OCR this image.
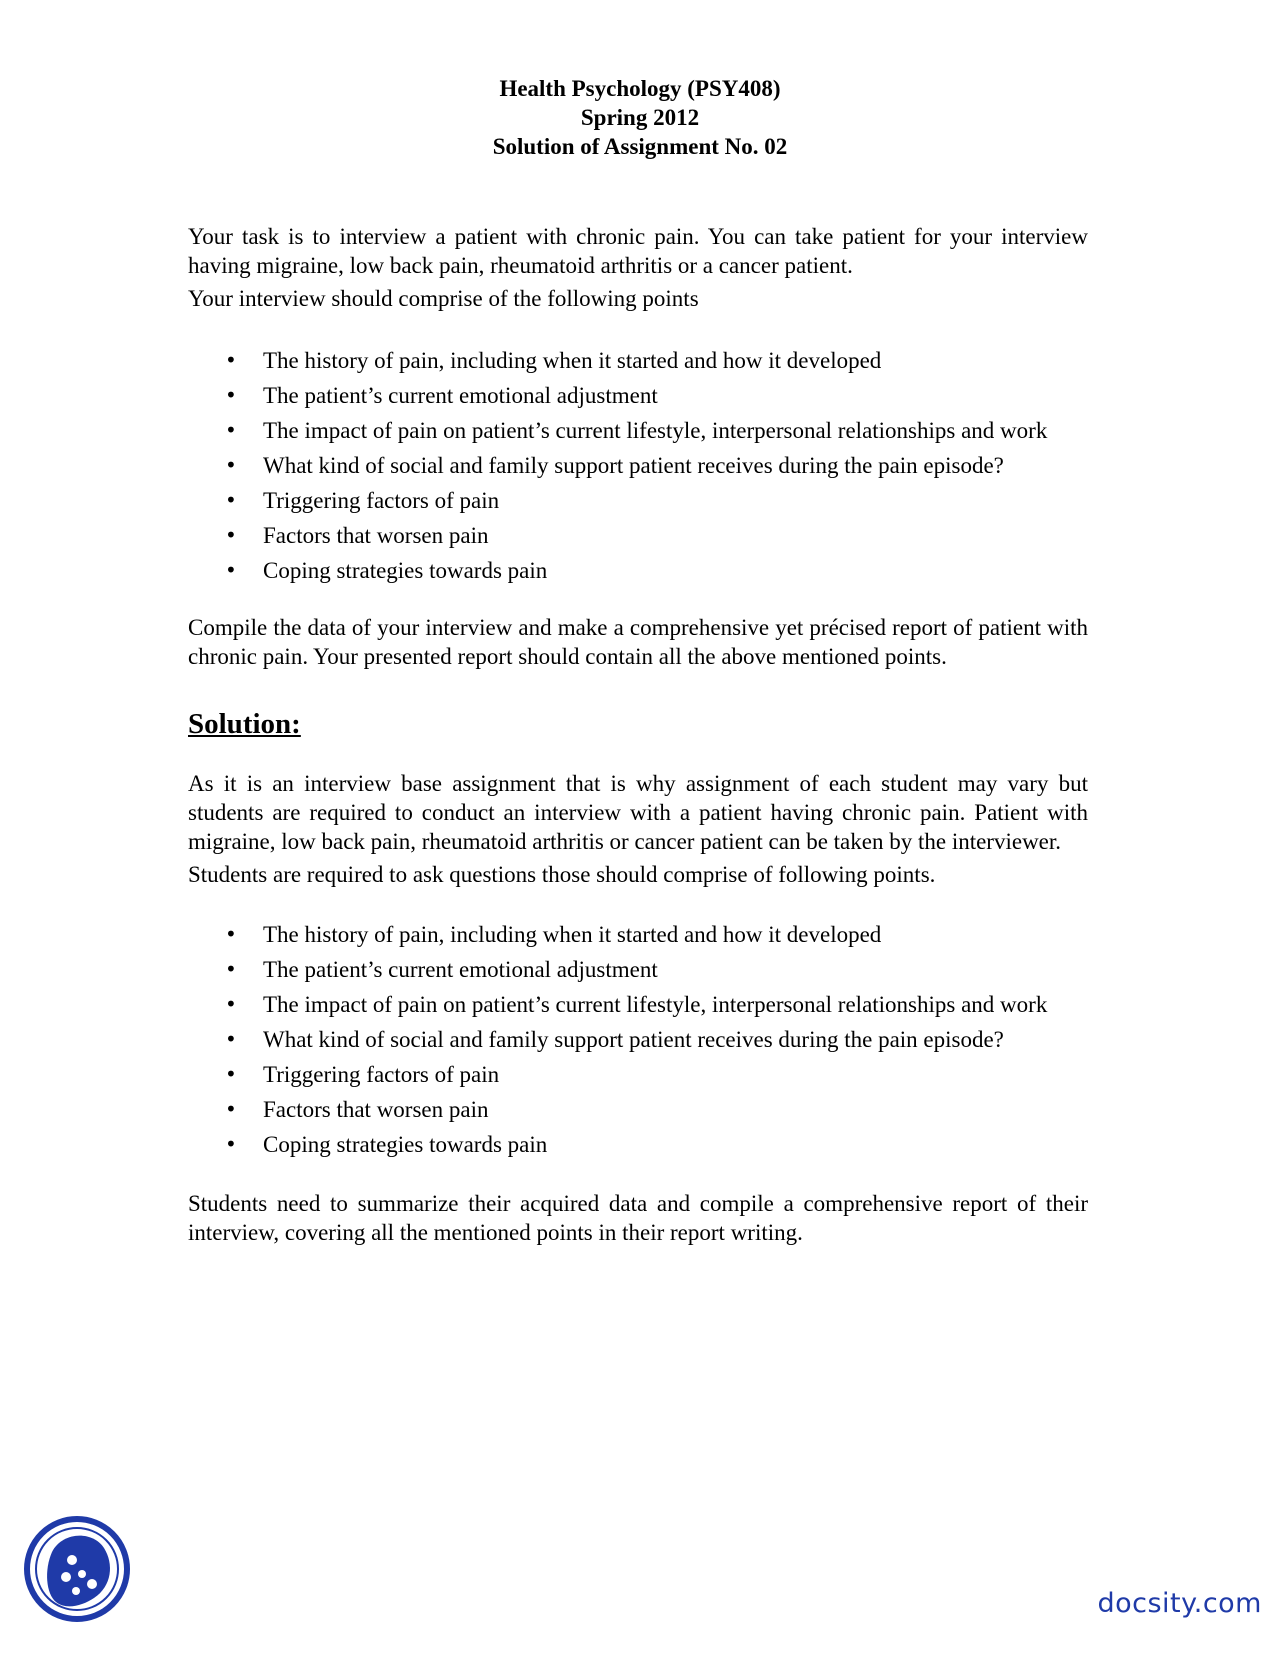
Health Psychology (PSY408)
Spring 2012
Solution of Assignment No. 02

Your task is to interview a patient with chronic pain. You can take patient for your interview having migraine, low back pain, rheumatoid arthritis or a cancer patient.

Your interview should comprise of the following points

• The history of pain, including when it started and how it developed
• The patient’s current emotional adjustment
• The impact of pain on patient’s current lifestyle, interpersonal relationships and work
• What kind of social and family support patient receives during the pain episode?
• Triggering factors of pain
• Factors that worsen pain
• Coping strategies towards pain

Compile the data of your interview and make a comprehensive yet précised report of patient with chronic pain. Your presented report should contain all the above mentioned points.

Solution:

As it is an interview base assignment that is why assignment of each student may vary but students are required to conduct an interview with a patient having chronic pain. Patient with migraine, low back pain, rheumatoid arthritis or cancer patient can be taken by the interviewer.

Students are required to ask questions those should comprise of following points.

• The history of pain, including when it started and how it developed
• The patient’s current emotional adjustment
• The impact of pain on patient’s current lifestyle, interpersonal relationships and work
• What kind of social and family support patient receives during the pain episode?
• Triggering factors of pain
• Factors that worsen pain
• Coping strategies towards pain

Students need to summarize their acquired data and compile a comprehensive report of their interview, covering all the mentioned points in their report writing.

docsity.com
